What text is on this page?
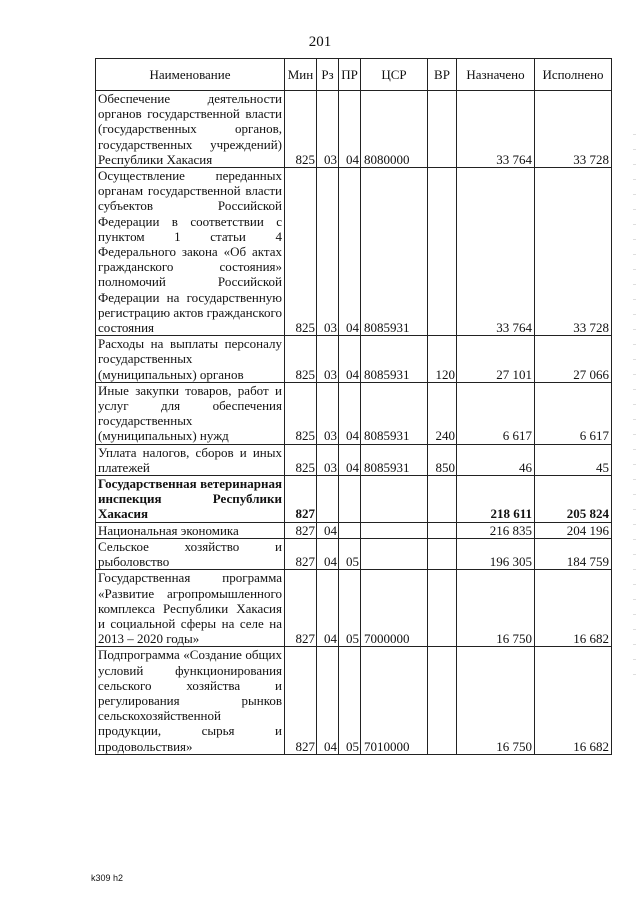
201
Наименование	Мин	Рз	ПР	ЦСР	ВР	Назначено	Исполнено
Обеспечение деятельности органов государственной власти (государственных органов, государственных учреждений) Республики Хакасия	825	03	04	8080000		33 764	33 728
Осуществление переданных органам государственной власти субъектов Российской Федерации в соответствии с пунктом 1 статьи 4 Федерального закона «Об актах гражданского состояния» полномочий Российской Федерации на государственную регистрацию актов гражданского состояния	825	03	04	8085931		33 764	33 728
Расходы на выплаты персоналу государственных (муниципальных) органов	825	03	04	8085931	120	27 101	27 066
Иные закупки товаров, работ и услуг для обеспечения государственных (муниципальных) нужд	825	03	04	8085931	240	6 617	6 617
Уплата налогов, сборов и иных платежей	825	03	04	8085931	850	46	45
Государственная ветеринарная инспекция Республики Хакасия	827					218 611	205 824
Национальная экономика	827	04				216 835	204 196
Сельское хозяйство и рыболовство	827	04	05			196 305	184 759
Государственная программа «Развитие агропромышленного комплекса Республики Хакасия и социальной сферы на селе на 2013 – 2020 годы»	827	04	05	7000000		16 750	16 682
Подпрограмма «Создание общих условий функционирования сельского хозяйства и регулирования рынков сельскохозяйственной продукции, сырья и продовольствия»	827	04	05	7010000		16 750	16 682
k309 h2
